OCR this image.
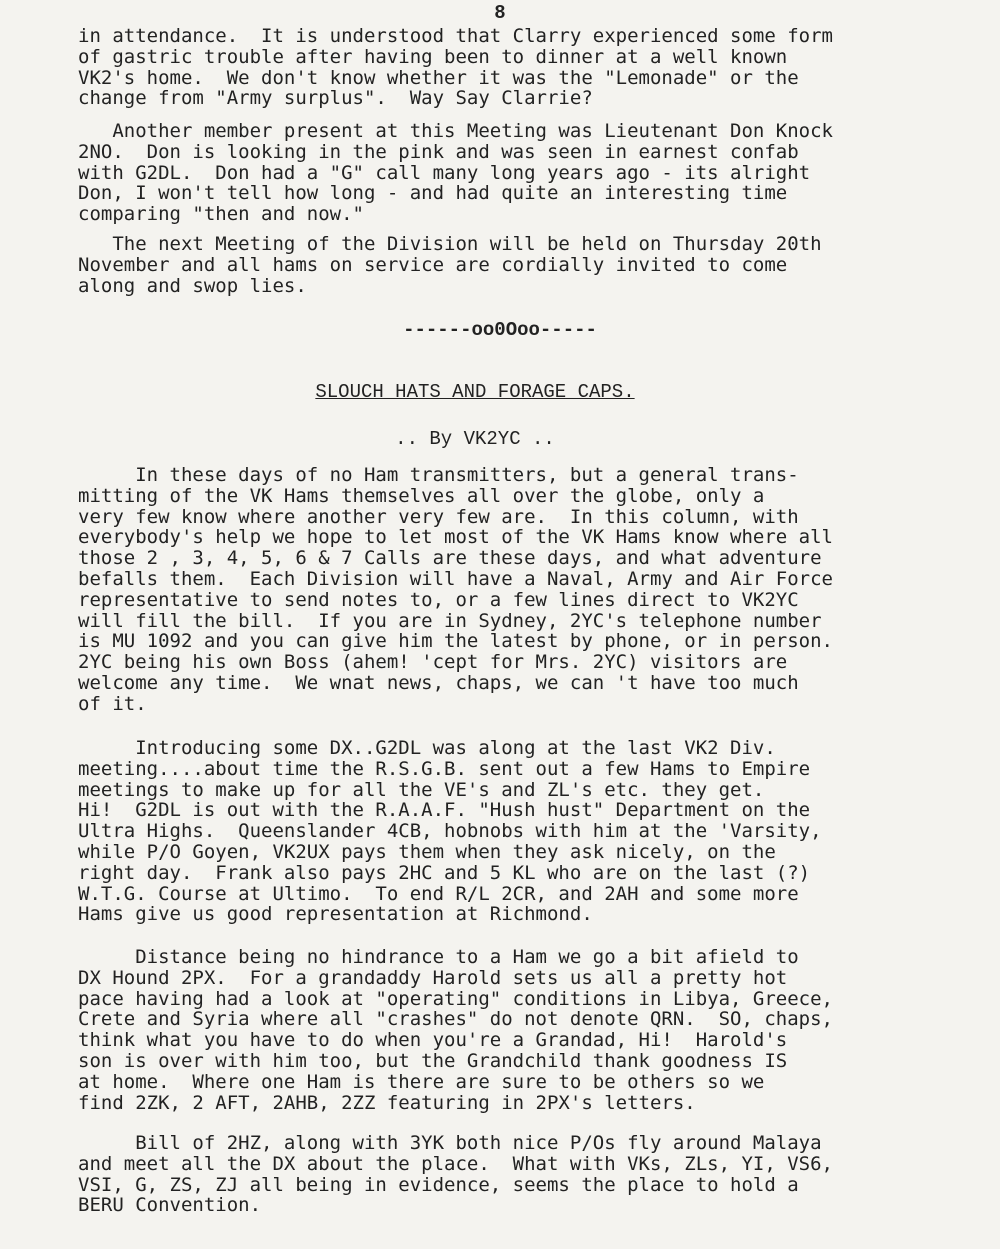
8
in attendance.  It is understood that Clarry experienced some form
of gastric trouble after having been to dinner at a well known
VK2's home.  We don't know whether it was the "Lemonade" or the
change from "Army surplus".  Way Say Clarrie?
Another member present at this Meeting was Lieutenant Don Knock
2NO.  Don is looking in the pink and was seen in earnest confab
with G2DL.  Don had a "G" call many long years ago - its alright
Don, I won't tell how long - and had quite an interesting time
comparing "then and now."
The next Meeting of the Division will be held on Thursday 20th
November and all hams on service are cordially invited to come
along and swop lies.
------oo0Ooo-----
SLOUCH HATS AND FORAGE CAPS.
.. By VK2YC ..
In these days of no Ham transmitters, but a general trans-
mitting of the VK Hams themselves all over the globe, only a
very few know where another very few are.  In this column, with
everybody's help we hope to let most of the VK Hams know where all
those 2 , 3, 4, 5, 6 & 7 Calls are these days, and what adventure
befalls them.  Each Division will have a Naval, Army and Air Force
representative to send notes to, or a few lines direct to VK2YC
will fill the bill.  If you are in Sydney, 2YC's telephone number
is MU 1092 and you can give him the latest by phone, or in person.
2YC being his own Boss (ahem! 'cept for Mrs. 2YC) visitors are
welcome any time.  We wnat news, chaps, we can 't have too much
of it.
Introducing some DX..G2DL was along at the last VK2 Div.
meeting....about time the R.S.G.B. sent out a few Hams to Empire
meetings to make up for all the VE's and ZL's etc. they get.
Hi!  G2DL is out with the R.A.A.F. "Hush hust" Department on the
Ultra Highs.  Queenslander 4CB, hobnobs with him at the 'Varsity,
while P/O Goyen, VK2UX pays them when they ask nicely, on the
right day.  Frank also pays 2HC and 5 KL who are on the last (?)
W.T.G. Course at Ultimo.  To end R/L 2CR, and 2AH and some more
Hams give us good representation at Richmond.
Distance being no hindrance to a Ham we go a bit afield to
DX Hound 2PX.  For a grandaddy Harold sets us all a pretty hot
pace having had a look at "operating" conditions in Libya, Greece,
Crete and Syria where all "crashes" do not denote QRN.  SO, chaps,
think what you have to do when you're a Grandad, Hi!  Harold's
son is over with him too, but the Grandchild thank goodness IS
at home.  Where one Ham is there are sure to be others so we
find 2ZK, 2 AFT, 2AHB, 2ZZ featuring in 2PX's letters.
Bill of 2HZ, along with 3YK both nice P/Os fly around Malaya
and meet all the DX about the place.  What with VKs, ZLs, YI, VS6,
VSI, G, ZS, ZJ all being in evidence, seems the place to hold a
BERU Convention.
